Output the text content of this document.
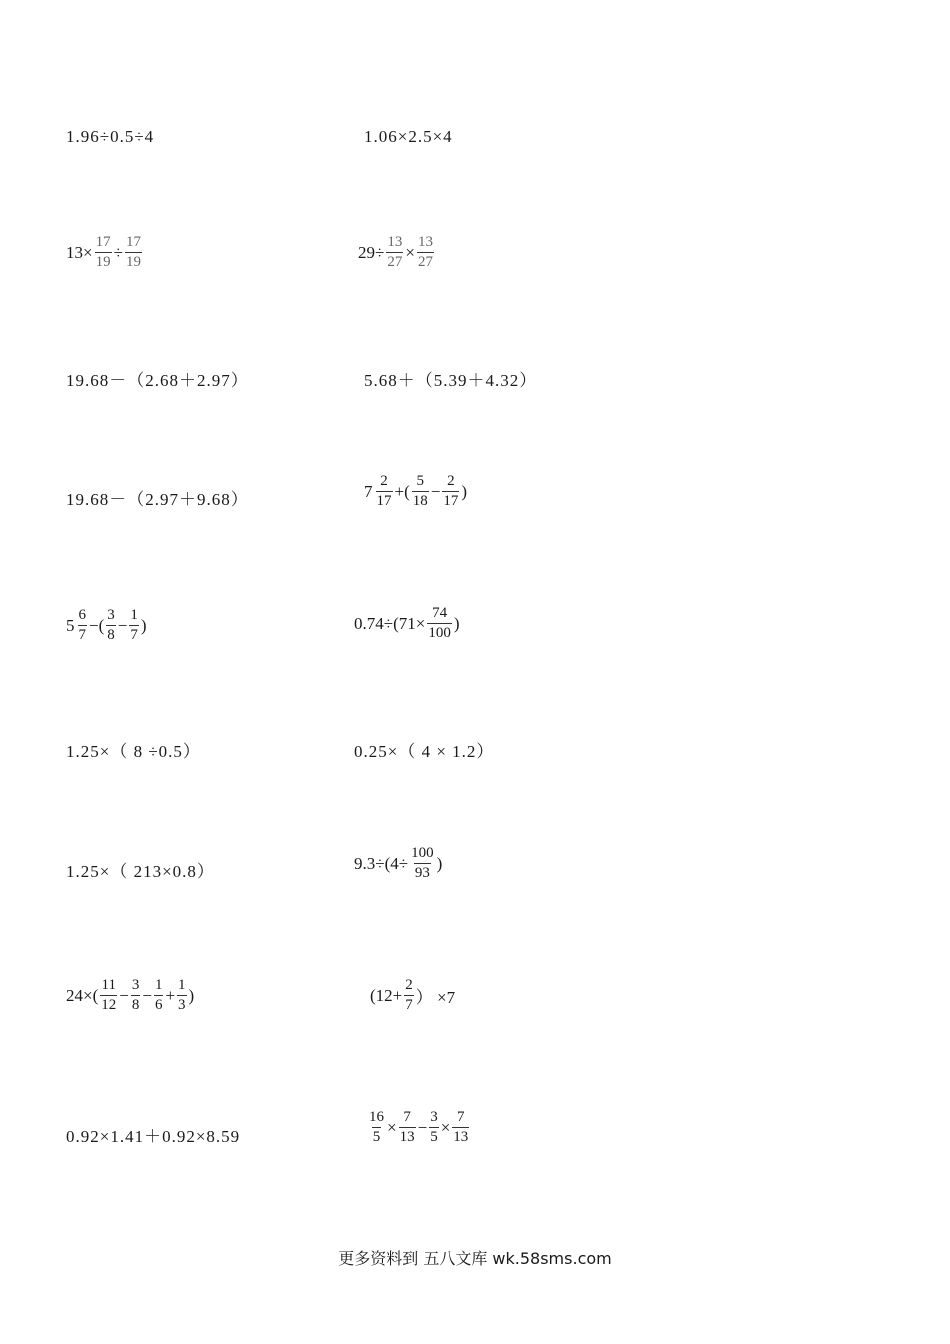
1.96÷0.5÷4	1.06×2.5×4
$13\times \frac{17}{19} \div \frac{17}{19}$	$29\div \frac{13}{27} \times \frac{13}{27}$
19.68－（2.68＋2.97）	5.68＋（5.39＋4.32）
19.68－（2.97＋9.68）	$7 \frac{2}{17}$ +( $\frac{5}{18} - \frac{2}{17}$ )
$5 \frac{6}{7}$ −( $\frac{3}{8} - \frac{1}{7}$ )	$0.74\div(71\times \frac{74}{100}$ )
1.25×（ 8 ÷0.5）	0.25×（ 4 × 1.2）
1.25×（ 213×0.8）	$9.3\div(4\div \frac{100}{93}$ )
$24\times( \frac{11}{12} - \frac{3}{8} - \frac{1}{6} + \frac{1}{3}$ )	($12+ \frac{2}{7}$ ） ×7
0.92×1.41＋0.92×8.59	$\frac{16}{5} \times \frac{7}{13} - \frac{3}{5} \times \frac{7}{13}$
更多资料到 五八文库 wk.58sms.com
